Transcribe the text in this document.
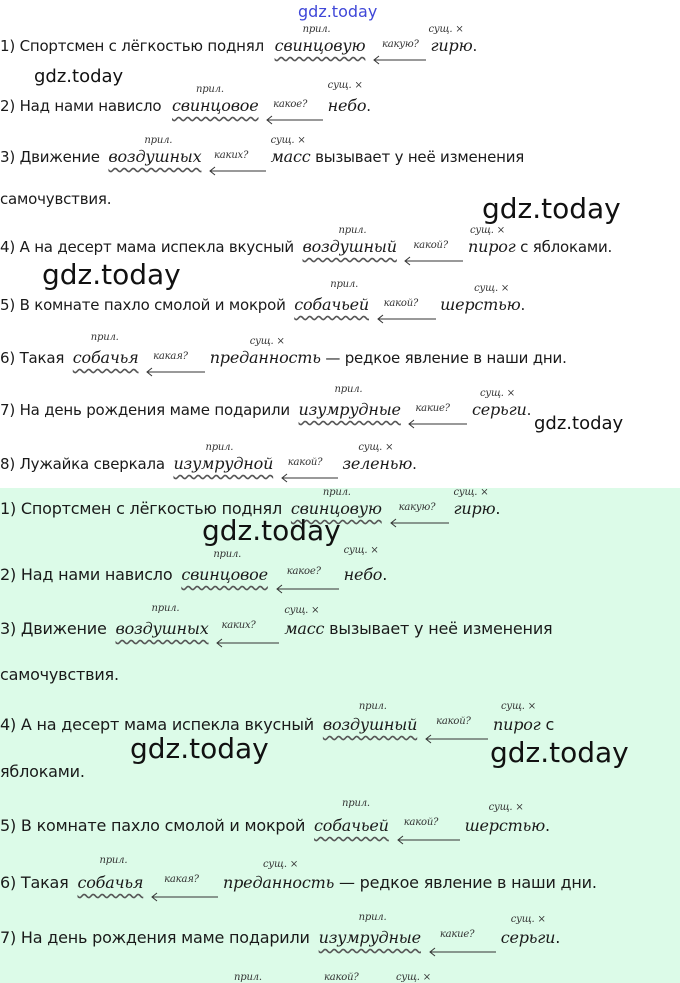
gdz.today
1) Спортсмен с лёгкостью поднял
прил.
свинцовую какую?

сущ. ×
гирю.
2) Над нами нависло
прил.
свинцовое какое?

сущ. ×
небо.
3) Движение
прил.
воздушных каких?

сущ. ×
масс вызывает у неё изменения
самочувствия.
4) А на десерт мама испекла вкусный
прил.
воздушный какой?

сущ. ×
пирог с яблоками.
5) В комнате пахло смолой и мокрой
прил.
собачьей какой?

сущ. ×
шерстью.
6) Такая
прил.
собачья какая?

сущ. ×
преданность — редкое явление в наши дни.
7) На день рождения маме подарили
прил.
изумрудные какие?

сущ. ×
серьги.
8) Лужайка сверкала
прил.
изумрудной какой?

сущ. ×
зеленью.
1) Спортсмен с лёгкостью поднял
прил.
свинцовую какую?

сущ. ×
гирю.
2) Над нами нависло
прил.
свинцовое какое?

сущ. ×
небо.
3) Движение
прил.
воздушных каких?

сущ. ×
масс вызывает у неё изменения
самочувствия.
4) А на десерт мама испекла вкусный
прил.
воздушный какой?

сущ. ×
пирог с
яблоками.
5) В комнате пахло смолой и мокрой
прил.
собачьей какой?

сущ. ×
шерстью.
6) Такая
прил.
собачья какая?

сущ. ×
преданность — редкое явление в наши дни.
7) На день рождения маме подарили
прил.
изумрудные какие?

сущ. ×
серьги.
прил.	какой?	сущ. ×
gdz.today
gdz.today
gdz.today
gdz.today
gdz.today
gdz.today	gdz.today
